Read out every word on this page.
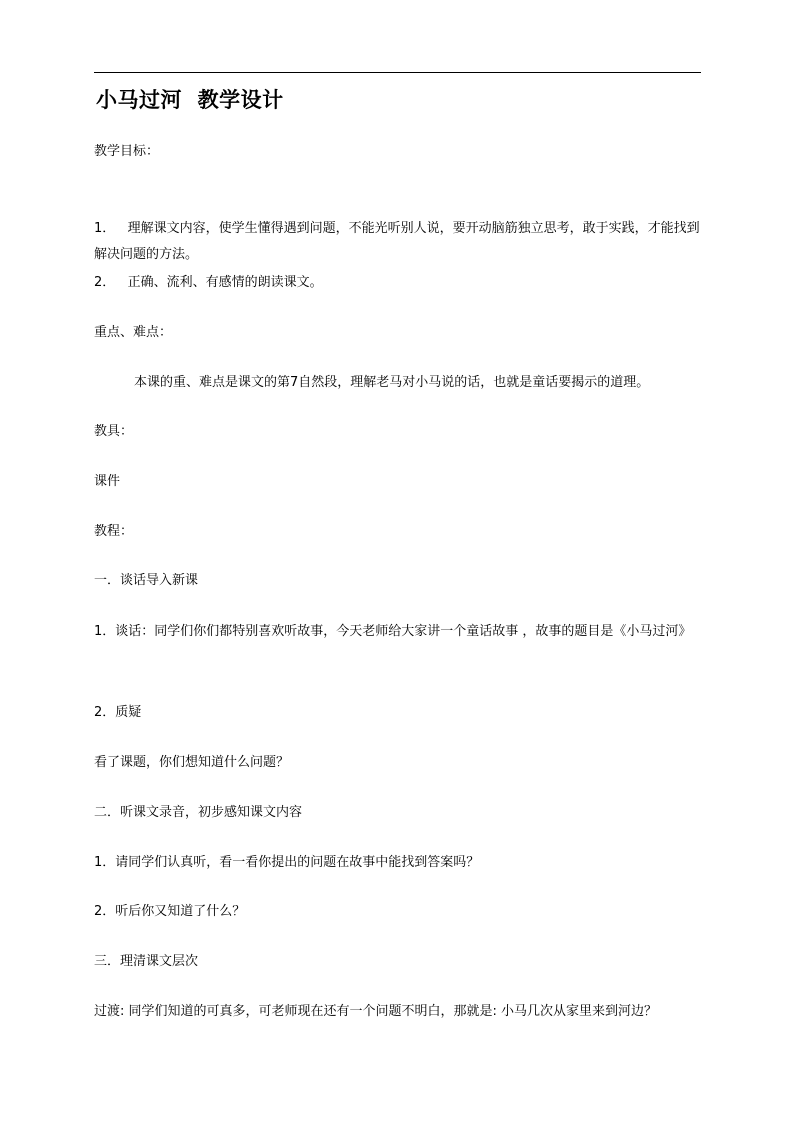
小马过河  教学设计
教学目标：
1．   理解课文内容，使学生懂得遇到问题，不能光听别人说，要开动脑筋独立思考，敢于实践，才能找到解决问题的方法。
2．   正确、流利、有感情的朗读课文。
重点、难点：
本课的重、难点是课文的第7自然段，理解老马对小马说的话，也就是童话要揭示的道理。
教具：
课件
教程：
一．谈话导入新课
1．谈话：同学们你们都特别喜欢听故事，今天老师给大家讲一个童话故事 ，故事的题目是《小马过河》
2．质疑
看了课题，你们想知道什么问题？
二．听课文录音，初步感知课文内容
1．请同学们认真听，看一看你提出的问题在故事中能找到答案吗？
2．听后你又知道了什么？
三．理清课文层次
过渡: 同学们知道的可真多，可老师现在还有一个问题不明白，那就是: 小马几次从家里来到河边？
